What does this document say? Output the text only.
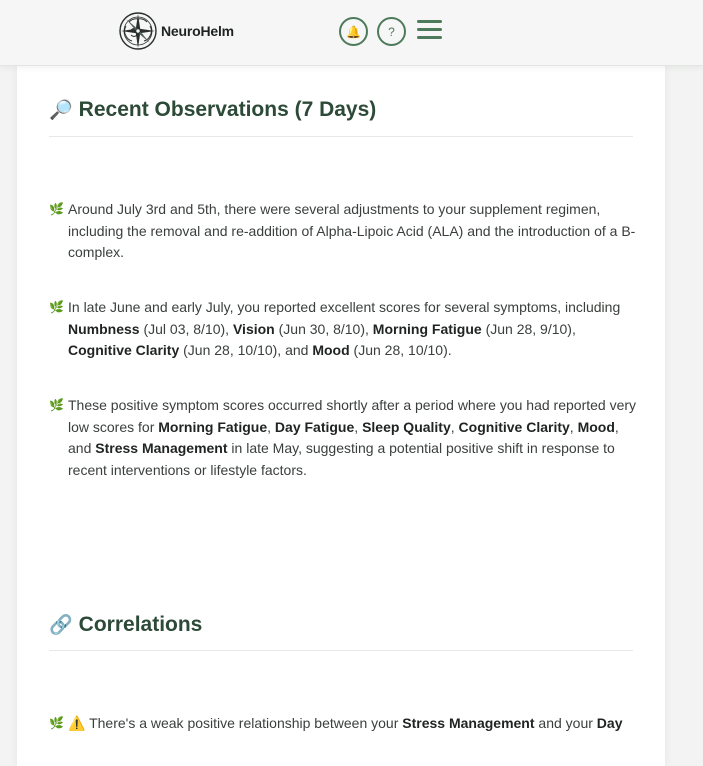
NeuroHelm	🔔 ?
🔎 Recent Observations (7 Days)
🌿 Around July 3rd and 5th, there were several adjustments to your supplement regimen, including the removal and re-addition of Alpha-Lipoic Acid (ALA) and the introduction of a B-complex.
🌿 In late June and early July, you reported excellent scores for several symptoms, including Numbness (Jul 03, 8/10), Vision (Jun 30, 8/10), Morning Fatigue (Jun 28, 9/10), Cognitive Clarity (Jun 28, 10/10), and Mood (Jun 28, 10/10).
🌿 These positive symptom scores occurred shortly after a period where you had reported very low scores for Morning Fatigue, Day Fatigue, Sleep Quality, Cognitive Clarity, Mood, and Stress Management in late May, suggesting a potential positive shift in response to recent interventions or lifestyle factors.
🔗 Correlations
🌿 ⚠️ There's a weak positive relationship between your Stress Management and your Day
